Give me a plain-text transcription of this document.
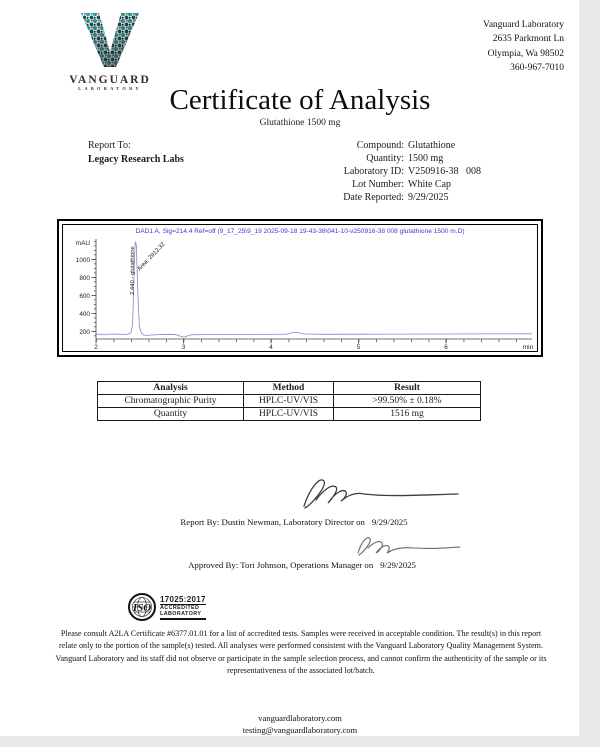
VANGUARD
LABORATORY
Vanguard Laboratory
2635 Parkmont Ln
Olympia, Wa 98502
360-967-7010
Certificate of Analysis
Glutathione 1500 mg
Report To:
Legacy Research Labs
Compound: Glutathione
Quantity: 1500 mg
Laboratory ID: V250916-38   008
Lot Number: White Cap
Date Reported: 9/29/2025
DAD1 A, Sig=214.4 Ref=off (9_17_25\9_19 2025-09-18 19-43-38\041-10-v250916-38 008 glutathione 1500 m.D)
200
400
600
800
1000
mAU
2	3	4	5	6	min
2.440 - glutathione Area: 2912.32
Analysis	Method	Result
Chromatographic Purity	HPLC-UV/VIS	>99.50% ± 0.18%
Quantity	HPLC-UV/VIS	1516 mg
Report By: Dustin Newman, Laboratory Director on 9/29/2025
Approved By: Tori Johnson, Operations Manager on 9/29/2025
ISO
17025:2017
ACCREDITED
LABORATORY
Please consult A2LA Certificate #6377.01.01 for a list of accredited tests. Samples were received in acceptable condition. The result(s) in this report relate only to the portion of the sample(s) tested. All analyses were performed consistent with the Vanguard Laboratory Quality Management System. Vanguard Laboratory and its staff did not observe or participate in the sample selection process, and cannot confirm the authenticity of the sample or its representativeness of the associated lot/batch.
vanguardlaboratory.com
testing@vanguardlaboratory.com
